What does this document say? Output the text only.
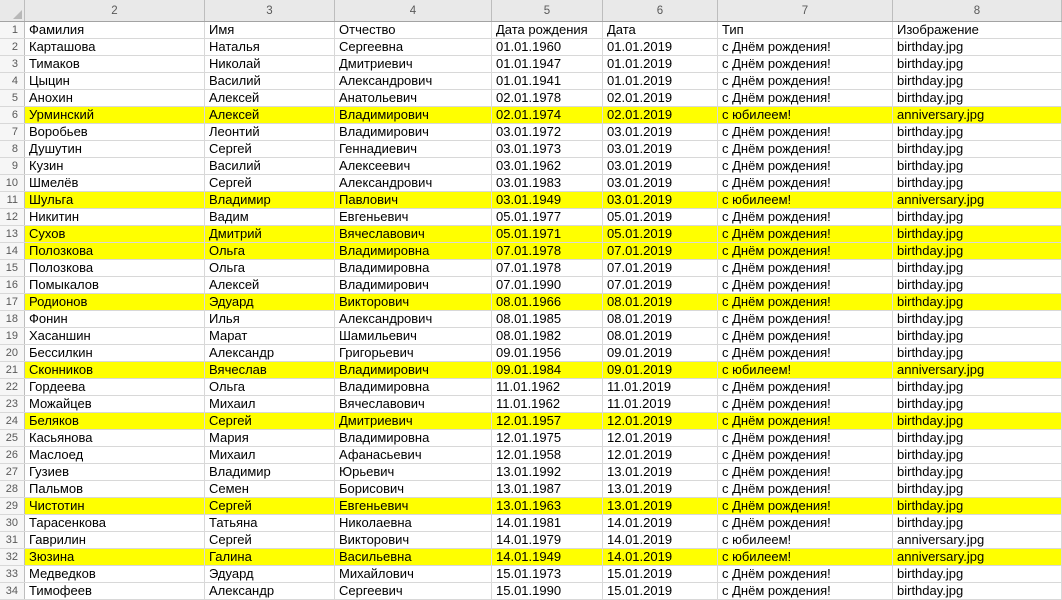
2	3	4	5	6	7	8
1 Фамилия	Имя	Отчество	Дата рождения	Дата	Тип	Изображение
2 Карташова	Наталья	Сергеевна	01.01.1960	01.01.2019	с Днём рождения!	birthday.jpg
3 Тимаков	Николай	Дмитриевич	01.01.1947	01.01.2019	с Днём рождения!	birthday.jpg
4 Цыцин	Василий	Александрович	01.01.1941	01.01.2019	с Днём рождения!	birthday.jpg
5 Анохин	Алексей	Анатольевич	02.01.1978	02.01.2019	с Днём рождения!	birthday.jpg
6 Урминский	Алексей	Владимирович	02.01.1974	02.01.2019	с юбилеем!	anniversary.jpg
7 Воробьев	Леонтий	Владимирович	03.01.1972	03.01.2019	с Днём рождения!	birthday.jpg
8 Душутин	Сергей	Геннадиевич	03.01.1973	03.01.2019	с Днём рождения!	birthday.jpg
9 Кузин	Василий	Алексеевич	03.01.1962	03.01.2019	с Днём рождения!	birthday.jpg
10 Шмелёв	Сергей	Александрович	03.01.1983	03.01.2019	с Днём рождения!	birthday.jpg
11 Шульга	Владимир	Павлович	03.01.1949	03.01.2019	с юбилеем!	anniversary.jpg
12 Никитин	Вадим	Евгеньевич	05.01.1977	05.01.2019	с Днём рождения!	birthday.jpg
13 Сухов	Дмитрий	Вячеславович	05.01.1971	05.01.2019	с Днём рождения!	birthday.jpg
14 Полозкова	Ольга	Владимировна	07.01.1978	07.01.2019	с Днём рождения!	birthday.jpg
15 Полозкова	Ольга	Владимировна	07.01.1978	07.01.2019	с Днём рождения!	birthday.jpg
16 Помыкалов	Алексей	Владимирович	07.01.1990	07.01.2019	с Днём рождения!	birthday.jpg
17 Родионов	Эдуард	Викторович	08.01.1966	08.01.2019	с Днём рождения!	birthday.jpg
18 Фонин	Илья	Александрович	08.01.1985	08.01.2019	с Днём рождения!	birthday.jpg
19 Хасаншин	Марат	Шамильевич	08.01.1982	08.01.2019	с Днём рождения!	birthday.jpg
20 Бессилкин	Александр	Григорьевич	09.01.1956	09.01.2019	с Днём рождения!	birthday.jpg
21 Сконников	Вячеслав	Владимирович	09.01.1984	09.01.2019	с юбилеем!	anniversary.jpg
22 Гордеева	Ольга	Владимировна	11.01.1962	11.01.2019	с Днём рождения!	birthday.jpg
23 Можайцев	Михаил	Вячеславович	11.01.1962	11.01.2019	с Днём рождения!	birthday.jpg
24 Беляков	Сергей	Дмитриевич	12.01.1957	12.01.2019	с Днём рождения!	birthday.jpg
25 Касьянова	Мария	Владимировна	12.01.1975	12.01.2019	с Днём рождения!	birthday.jpg
26 Маслоед	Михаил	Афанасьевич	12.01.1958	12.01.2019	с Днём рождения!	birthday.jpg
27 Гузиев	Владимир	Юрьевич	13.01.1992	13.01.2019	с Днём рождения!	birthday.jpg
28 Пальмов	Семен	Борисович	13.01.1987	13.01.2019	с Днём рождения!	birthday.jpg
29 Чистотин	Сергей	Евгеньевич	13.01.1963	13.01.2019	с Днём рождения!	birthday.jpg
30 Тарасенкова	Татьяна	Николаевна	14.01.1981	14.01.2019	с Днём рождения!	birthday.jpg
31 Гаврилин	Сергей	Викторович	14.01.1979	14.01.2019	с юбилеем!	anniversary.jpg
32 Зюзина	Галина	Васильевна	14.01.1949	14.01.2019	с юбилеем!	anniversary.jpg
33 Медведков	Эдуард	Михайлович	15.01.1973	15.01.2019	с Днём рождения!	birthday.jpg
34 Тимофеев	Александр	Сергеевич	15.01.1990	15.01.2019	с Днём рождения!	birthday.jpg
